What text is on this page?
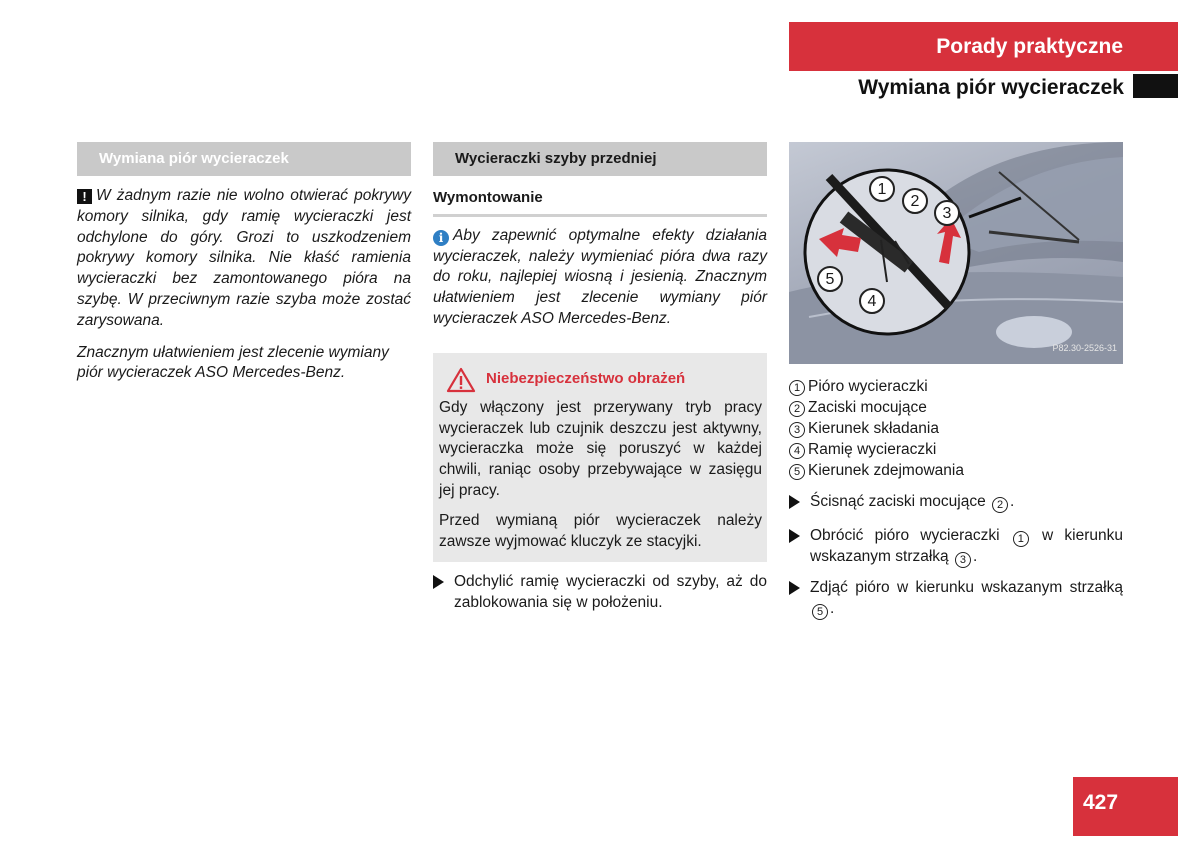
Porady praktyczne
Wymiana piór wycieraczek
Wymiana piór wycieraczek

! W żadnym razie nie wolno otwierać pokrywy komory silnika, gdy ramię wycieraczki jest odchylone do góry. Grozi to uszkodzeniem pokrywy komory silnika. Nie kłaść ramienia wycieraczki bez zamontowanego pióra na szybę. W przeciwnym razie szyba może zostać zarysowana.

Znacznym ułatwieniem jest zlecenie wymiany piór wycieraczek ASO Mercedes-Benz.

Wycieraczki szyby przedniej
Wymontowanie

i Aby zapewnić optymalne efekty działania wycieraczek, należy wymieniać pióra dwa razy do roku, najlepiej wiosną i jesienią. Znacznym ułatwieniem jest zlecenie wymiany piór wycieraczek ASO Mercedes-Benz.

Niebezpieczeństwo obrażeń

Gdy włączony jest przerywany tryb pracy wycieraczek lub czujnik deszczu jest aktywny, wycieraczka może się poruszyć w każdej chwili, raniąc osoby przebywające w zasięgu jej pracy.

Przed wymianą piór wycieraczek należy zawsze wyjmować kluczyk ze stacyjki.

Odchylić ramię wycieraczki od szyby, aż do zablokowania się w położeniu.
1
2
3
4
5
P82.30-2526-31
1 Pióro wycieraczki
2 Zaciski mocujące
3 Kierunek składania
4 Ramię wycieraczki
5 Kierunek zdejmowania
Ścisnąć zaciski mocujące 2 .
Obrócić pióro wycieraczki 1 w kierunku wskazanym strzałką 3 .
Zdjąć pióro w kierunku wskazanym strzałką 5 .
427
